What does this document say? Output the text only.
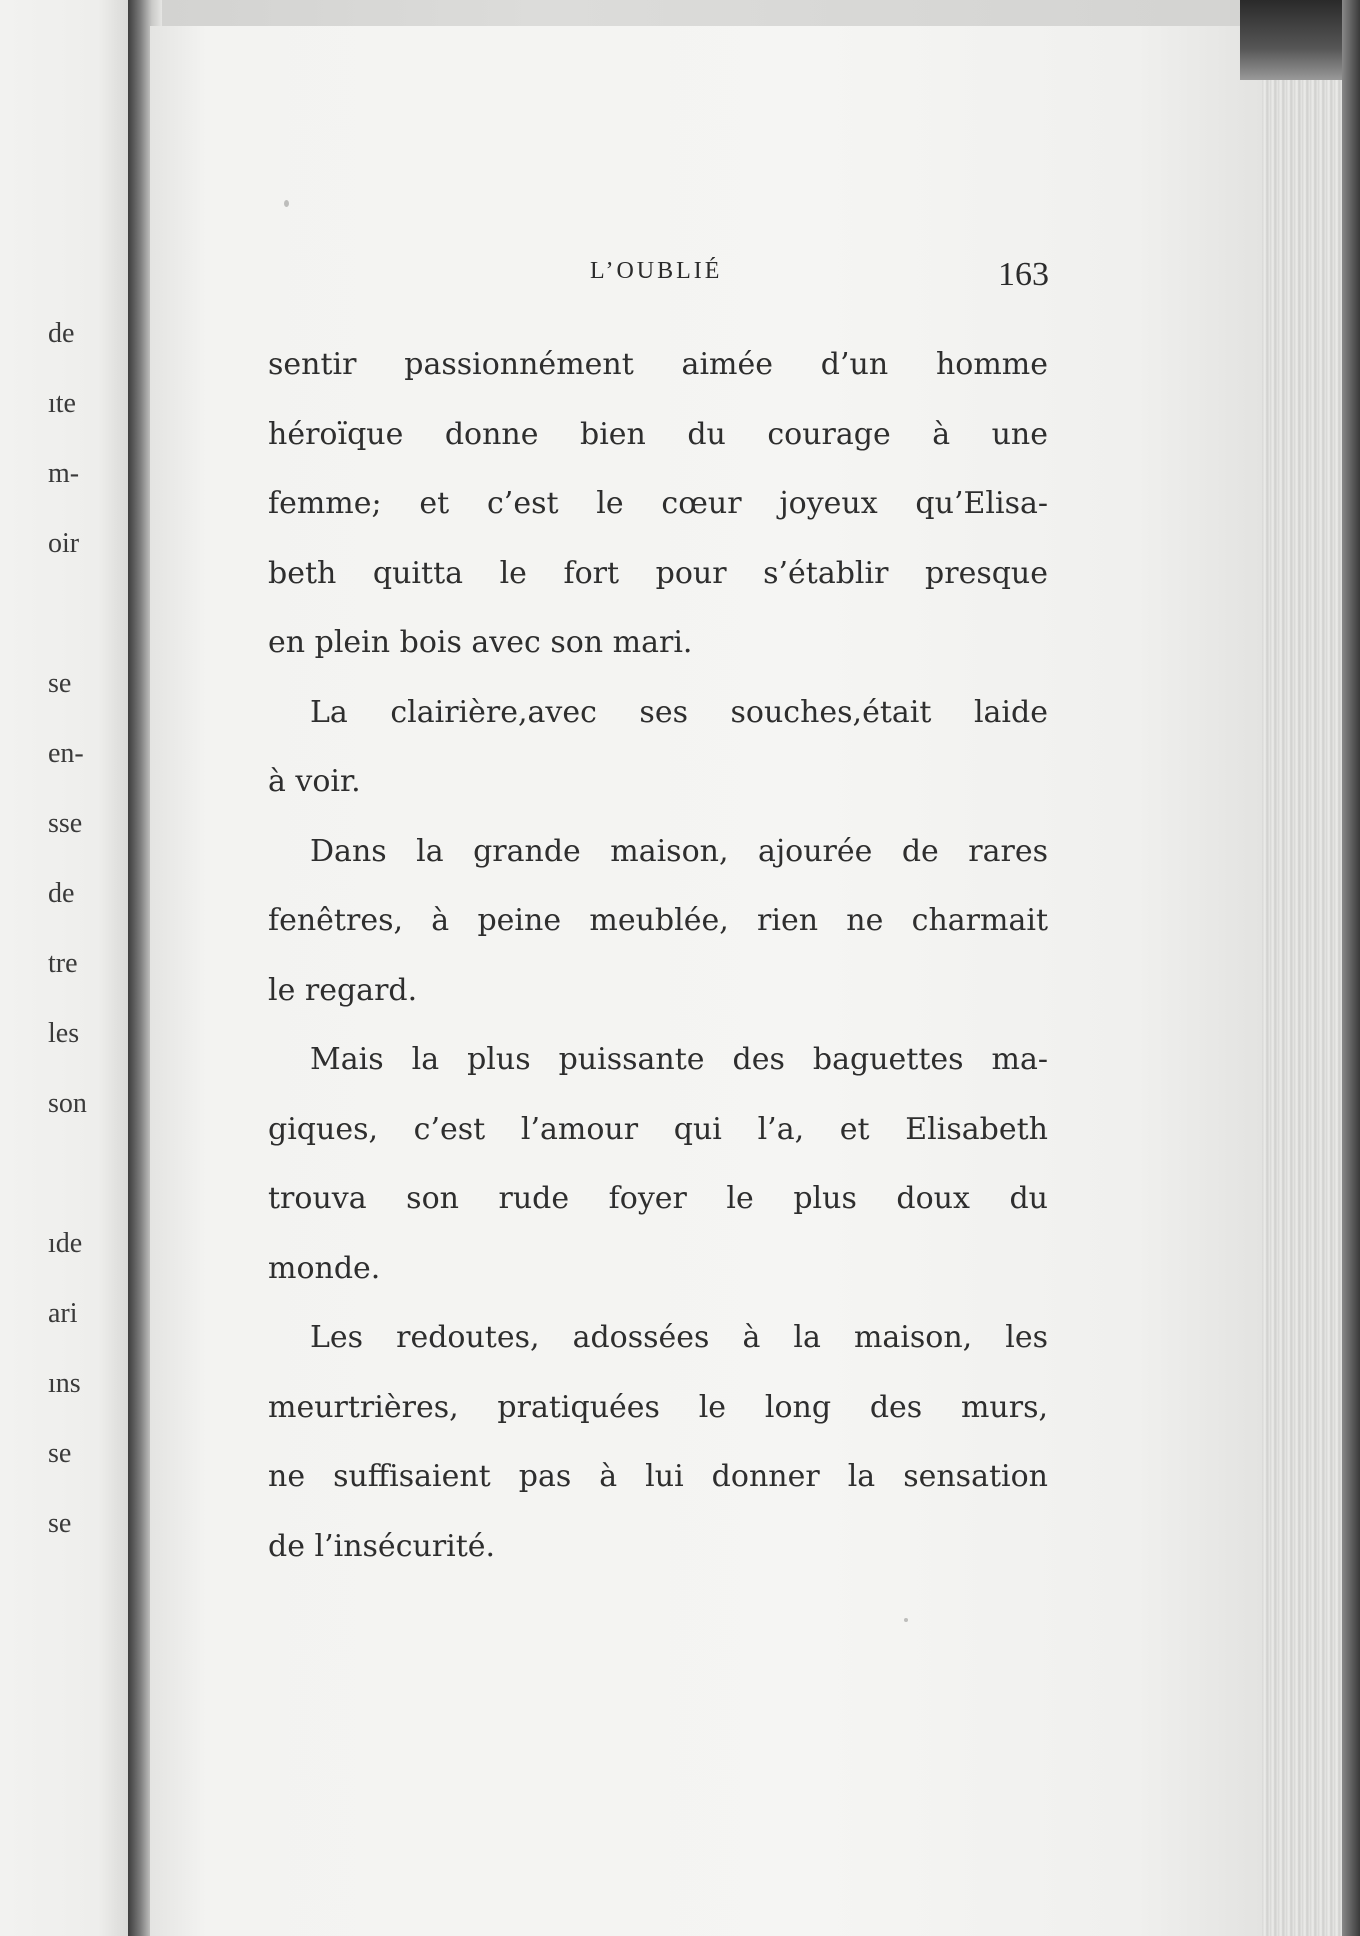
de
ıte
m-
oir
se
en-
sse
de
tre
les
son
ıde
ari
ıns
se
se
L’OUBLIÉ	163

sentir passionnément aimée d’un homme
héroïque donne bien du courage à une
femme; et c’est le cœur joyeux qu’Elisa-
beth quitta le fort pour s’établir presque
en plein bois avec son mari.

La clairière,avec ses souches,était laide
à voir.

Dans la grande maison, ajourée de rares
fenêtres, à peine meublée, rien ne charmait
le regard.

Mais la plus puissante des baguettes ma-
giques, c’est l’amour qui l’a, et Elisabeth
trouva son rude foyer le plus doux du
monde.

Les redoutes, adossées à la maison, les
meurtrières, pratiquées le long des murs,
ne suffisaient pas à lui donner la sensation
de l’insécurité.
